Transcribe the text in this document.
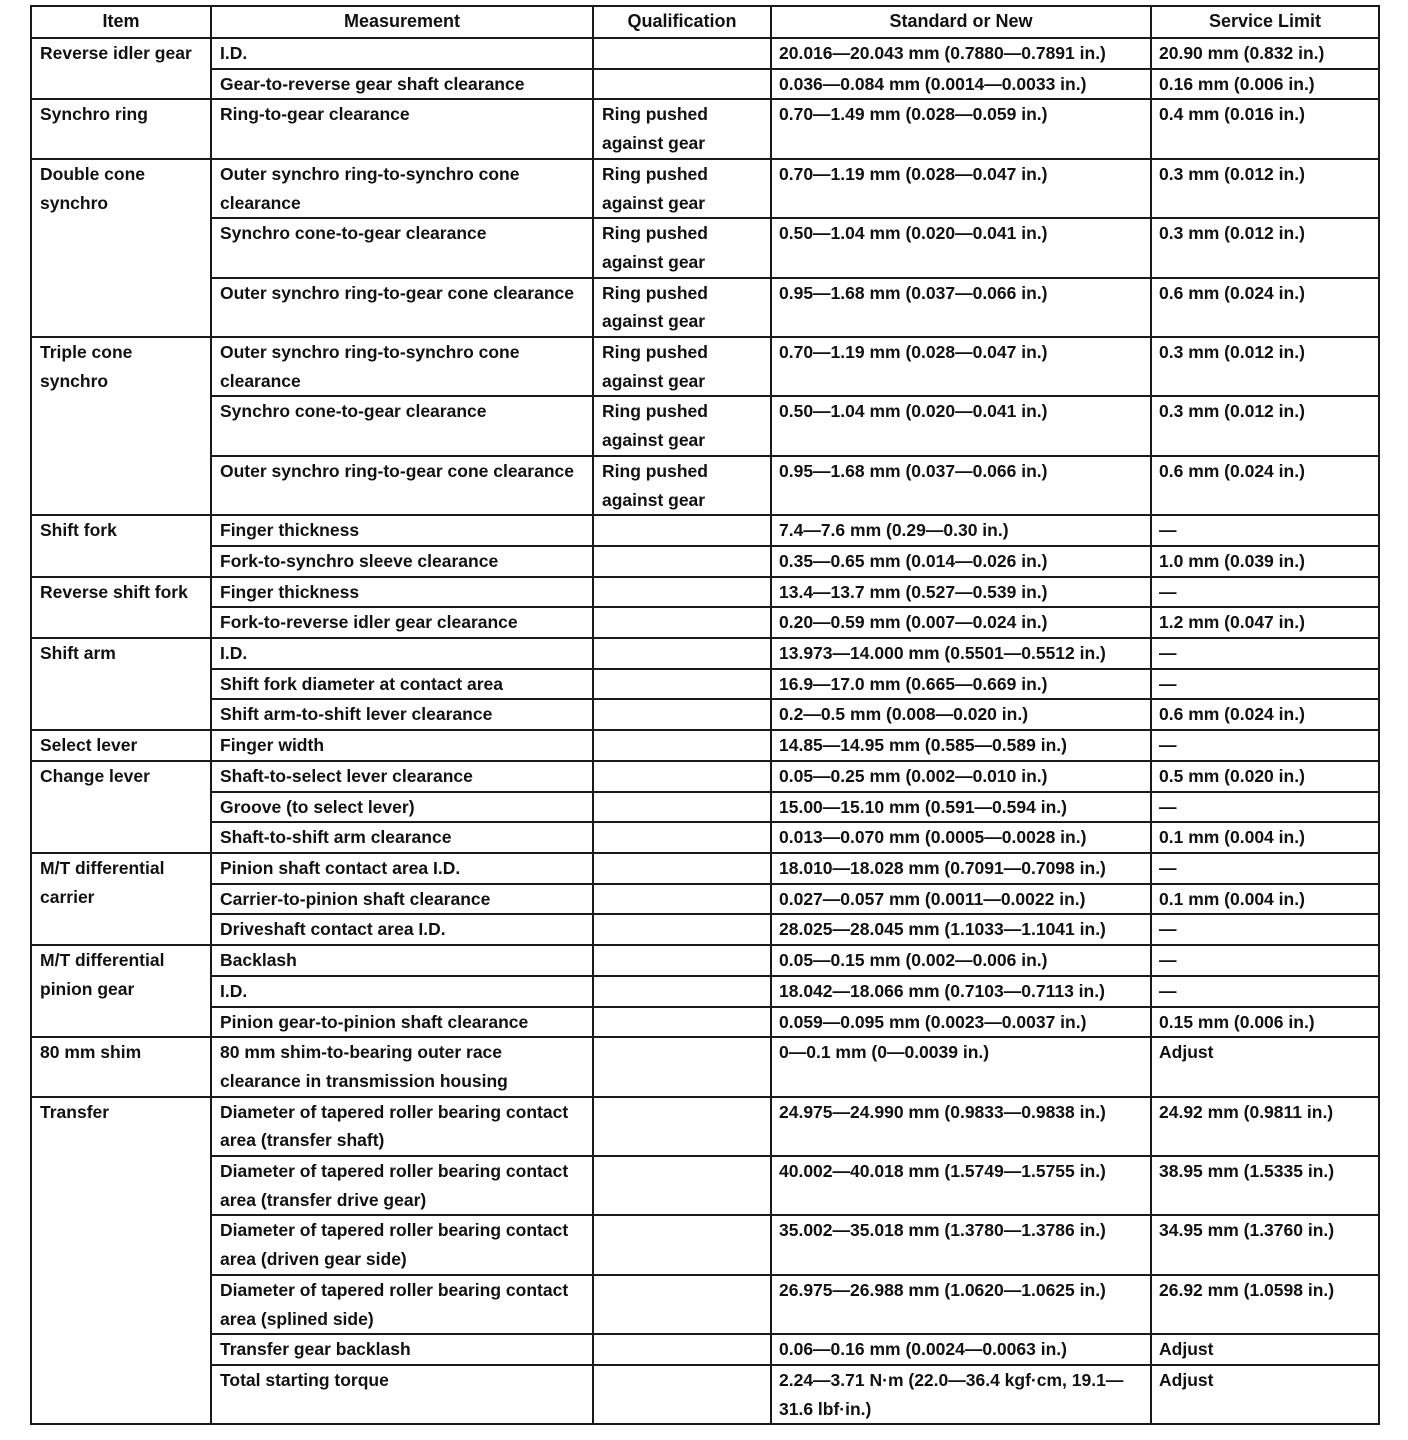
Item	Measurement	Qualification	Standard or New	Service Limit
Reverse idler gear	I.D.		20.016—20.043 mm (0.7880—0.7891 in.)	20.90 mm (0.832 in.)
	Gear-to-reverse gear shaft clearance		0.036—0.084 mm (0.0014—0.0033 in.)	0.16 mm (0.006 in.)
Synchro ring	Ring-to-gear clearance	Ring pushed against gear	0.70—1.49 mm (0.028—0.059 in.)	0.4 mm (0.016 in.)
Double cone synchro	Outer synchro ring-to-synchro cone clearance	Ring pushed against gear	0.70—1.19 mm (0.028—0.047 in.)	0.3 mm (0.012 in.)
	Synchro cone-to-gear clearance	Ring pushed against gear	0.50—1.04 mm (0.020—0.041 in.)	0.3 mm (0.012 in.)
	Outer synchro ring-to-gear cone clearance	Ring pushed against gear	0.95—1.68 mm (0.037—0.066 in.)	0.6 mm (0.024 in.)
Triple cone synchro	Outer synchro ring-to-synchro cone clearance	Ring pushed against gear	0.70—1.19 mm (0.028—0.047 in.)	0.3 mm (0.012 in.)
	Synchro cone-to-gear clearance	Ring pushed against gear	0.50—1.04 mm (0.020—0.041 in.)	0.3 mm (0.012 in.)
	Outer synchro ring-to-gear cone clearance	Ring pushed against gear	0.95—1.68 mm (0.037—0.066 in.)	0.6 mm (0.024 in.)
Shift fork	Finger thickness		7.4—7.6 mm (0.29—0.30 in.)	—
	Fork-to-synchro sleeve clearance		0.35—0.65 mm (0.014—0.026 in.)	1.0 mm (0.039 in.)
Reverse shift fork	Finger thickness		13.4—13.7 mm (0.527—0.539 in.)	—
	Fork-to-reverse idler gear clearance		0.20—0.59 mm (0.007—0.024 in.)	1.2 mm (0.047 in.)
Shift arm	I.D.		13.973—14.000 mm (0.5501—0.5512 in.)	—
	Shift fork diameter at contact area		16.9—17.0 mm (0.665—0.669 in.)	—
	Shift arm-to-shift lever clearance		0.2—0.5 mm (0.008—0.020 in.)	0.6 mm (0.024 in.)
Select lever	Finger width		14.85—14.95 mm (0.585—0.589 in.)	—
Change lever	Shaft-to-select lever clearance		0.05—0.25 mm (0.002—0.010 in.)	0.5 mm (0.020 in.)
	Groove (to select lever)		15.00—15.10 mm (0.591—0.594 in.)	—
	Shaft-to-shift arm clearance		0.013—0.070 mm (0.0005—0.0028 in.)	0.1 mm (0.004 in.)
M/T differential carrier	Pinion shaft contact area I.D.		18.010—18.028 mm (0.7091—0.7098 in.)	—
	Carrier-to-pinion shaft clearance		0.027—0.057 mm (0.0011—0.0022 in.)	0.1 mm (0.004 in.)
	Driveshaft contact area I.D.		28.025—28.045 mm (1.1033—1.1041 in.)	—
M/T differential pinion gear	Backlash		0.05—0.15 mm (0.002—0.006 in.)	—
	I.D.		18.042—18.066 mm (0.7103—0.7113 in.)	—
	Pinion gear-to-pinion shaft clearance		0.059—0.095 mm (0.0023—0.0037 in.)	0.15 mm (0.006 in.)
80 mm shim	80 mm shim-to-bearing outer race clearance in transmission housing		0—0.1 mm (0—0.0039 in.)	Adjust
Transfer	Diameter of tapered roller bearing contact area (transfer shaft)		24.975—24.990 mm (0.9833—0.9838 in.)	24.92 mm (0.9811 in.)
	Diameter of tapered roller bearing contact area (transfer drive gear)		40.002—40.018 mm (1.5749—1.5755 in.)	38.95 mm (1.5335 in.)
	Diameter of tapered roller bearing contact area (driven gear side)		35.002—35.018 mm (1.3780—1.3786 in.)	34.95 mm (1.3760 in.)
	Diameter of tapered roller bearing contact area (splined side)		26.975—26.988 mm (1.0620—1.0625 in.)	26.92 mm (1.0598 in.)
	Transfer gear backlash		0.06—0.16 mm (0.0024—0.0063 in.)	Adjust
	Total starting torque		2.24—3.71 N·m (22.0—36.4 kgf·cm, 19.1—31.6 lbf·in.)	Adjust
